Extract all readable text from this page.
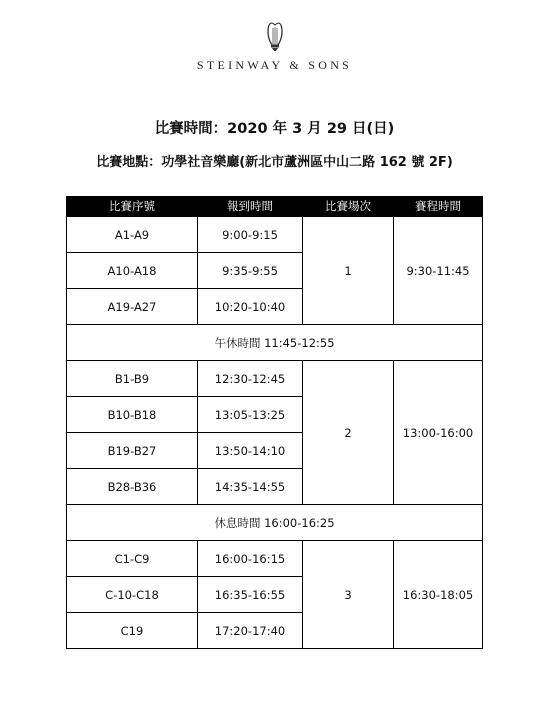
STEINWAY & SONS
比賽時間：2020 年 3 月 29 日(日)
比賽地點：功學社音樂廳(新北市蘆洲區中山二路 162 號 2F)
比賽序號	報到時間	比賽場次	賽程時間
A1-A9	9:00-9:15	1	9:30-11:45
A10-A18	9:35-9:55		
A19-A27	10:20-10:40		
午休時間 11:45-12:55			
B1-B9	12:30-12:45	2	13:00-16:00
B10-B18	13:05-13:25		
B19-B27	13:50-14:10		
B28-B36	14:35-14:55		
休息時間 16:00-16:25			
C1-C9	16:00-16:15	3	16:30-18:05
C-10-C18	16:35-16:55		
C19	17:20-17:40		
